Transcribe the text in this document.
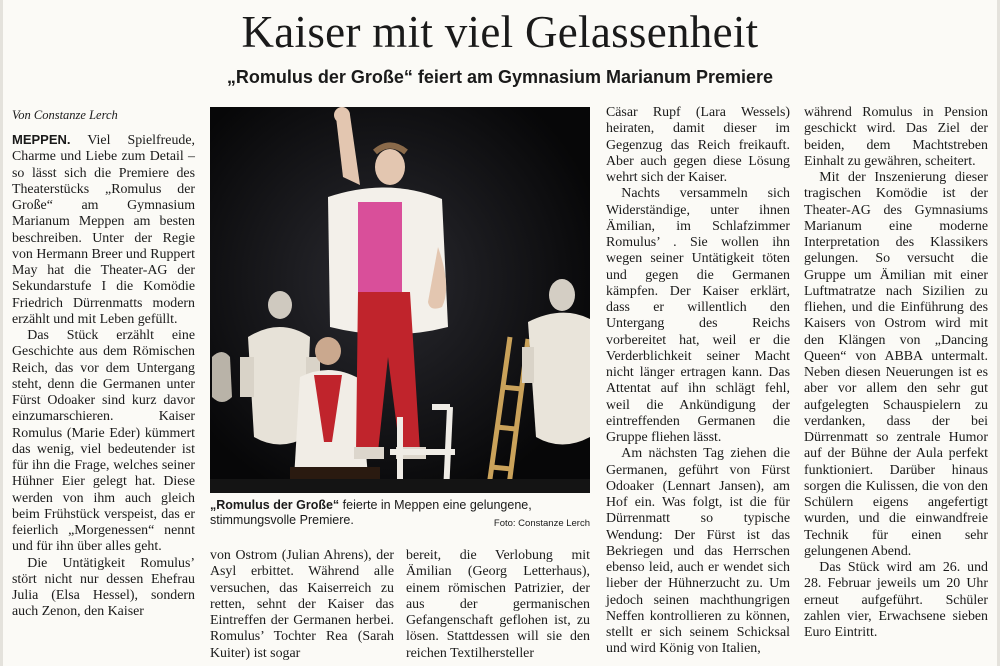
Kaiser mit viel Gelassenheit
„Romulus der Große“ feiert am Gymnasium Marianum Premiere
Von Constanze Lerch

MEPPEN. Viel Spielfreude, Charme und Liebe zum Detail – so lässt sich die Premiere des Theaterstücks „Romulus der Große“ am Gymnasium Marianum Meppen am besten beschreiben. Unter der Regie von Hermann Breer und Ruppert May hat die Theater-AG der Sekundarstufe I die Komödie Friedrich Dürrenmatts modern erzählt und mit Leben gefüllt.

Das Stück erzählt eine Geschichte aus dem Römischen Reich, das vor dem Untergang steht, denn die Germanen unter Fürst Odoaker sind kurz davor einzumarschieren. Kaiser Romulus (Marie Eder) kümmert das wenig, viel bedeutender ist für ihn die Frage, welches seiner Hühner Eier gelegt hat. Diese werden von ihm auch gleich beim Frühstück verspeist, das er feierlich „Morgenessen“ nennt und für ihn über alles geht.

Die Untätigkeit Romulus’ stört nicht nur dessen Ehefrau Julia (Elsa Hessel), sondern auch Zenon, den Kaiser

„Romulus der Große“ feierte in Meppen eine gelungene, stimmungsvolle Premiere.	Foto: Constanze Lerch

von Ostrom (Julian Ahrens), der Asyl erbittet. Während alle versuchen, das Kaiserreich zu retten, sehnt der Kaiser das Eintreffen der Germanen herbei. Romulus’ Tochter Rea (Sarah Kuiter) ist sogar

bereit, die Verlobung mit Ämilian (Georg Letterhaus), einem römischen Patrizier, der aus der germanischen Gefangenschaft geflohen ist, zu lösen. Stattdessen will sie den reichen Textilhersteller

Cäsar Rupf (Lara Wessels) heiraten, damit dieser im Gegenzug das Reich freikauft. Aber auch gegen diese Lösung wehrt sich der Kaiser.

Nachts versammeln sich Widerständige, unter ihnen Ämilian, im Schlafzimmer Romulus’ . Sie wollen ihn wegen seiner Untätigkeit töten und gegen die Germanen kämpfen. Der Kaiser erklärt, dass er willentlich den Untergang des Reichs vorbereitet hat, weil er die Verderblichkeit seiner Macht nicht länger ertragen kann. Das Attentat auf ihn schlägt fehl, weil die Ankündigung der eintreffenden Germanen die Gruppe fliehen lässt.

Am nächsten Tag ziehen die Germanen, geführt von Fürst Odoaker (Lennart Jansen), am Hof ein. Was folgt, ist die für Dürrenmatt so typische Wendung: Der Fürst ist das Bekriegen und das Herrschen ebenso leid, auch er wendet sich lieber der Hühnerzucht zu. Um jedoch seinen machthungrigen Neffen kontrollieren zu können, stellt er sich seinem Schicksal und wird König von Italien,

während Romulus in Pension geschickt wird. Das Ziel der beiden, dem Machtstreben Einhalt zu gewähren, scheitert.

Mit der Inszenierung dieser tragischen Komödie ist der Theater-AG des Gymnasiums Marianum eine moderne Interpretation des Klassikers gelungen. So versucht die Gruppe um Ämilian mit einer Luftmatratze nach Sizilien zu fliehen, und die Einführung des Kaisers von Ostrom wird mit den Klängen von „Dancing Queen“ von ABBA untermalt. Neben diesen Neuerungen ist es aber vor allem den sehr gut aufgelegten Schauspielern zu verdanken, dass der bei Dürrenmatt so zentrale Humor auf der Bühne der Aula perfekt funktioniert. Darüber hinaus sorgen die Kulissen, die von den Schülern eigens angefertigt wurden, und die einwandfreie Technik für einen sehr gelungenen Abend.

Das Stück wird am 26. und 28. Februar jeweils um 20 Uhr erneut aufgeführt. Schüler zahlen vier, Erwachsene sieben Euro Eintritt.
